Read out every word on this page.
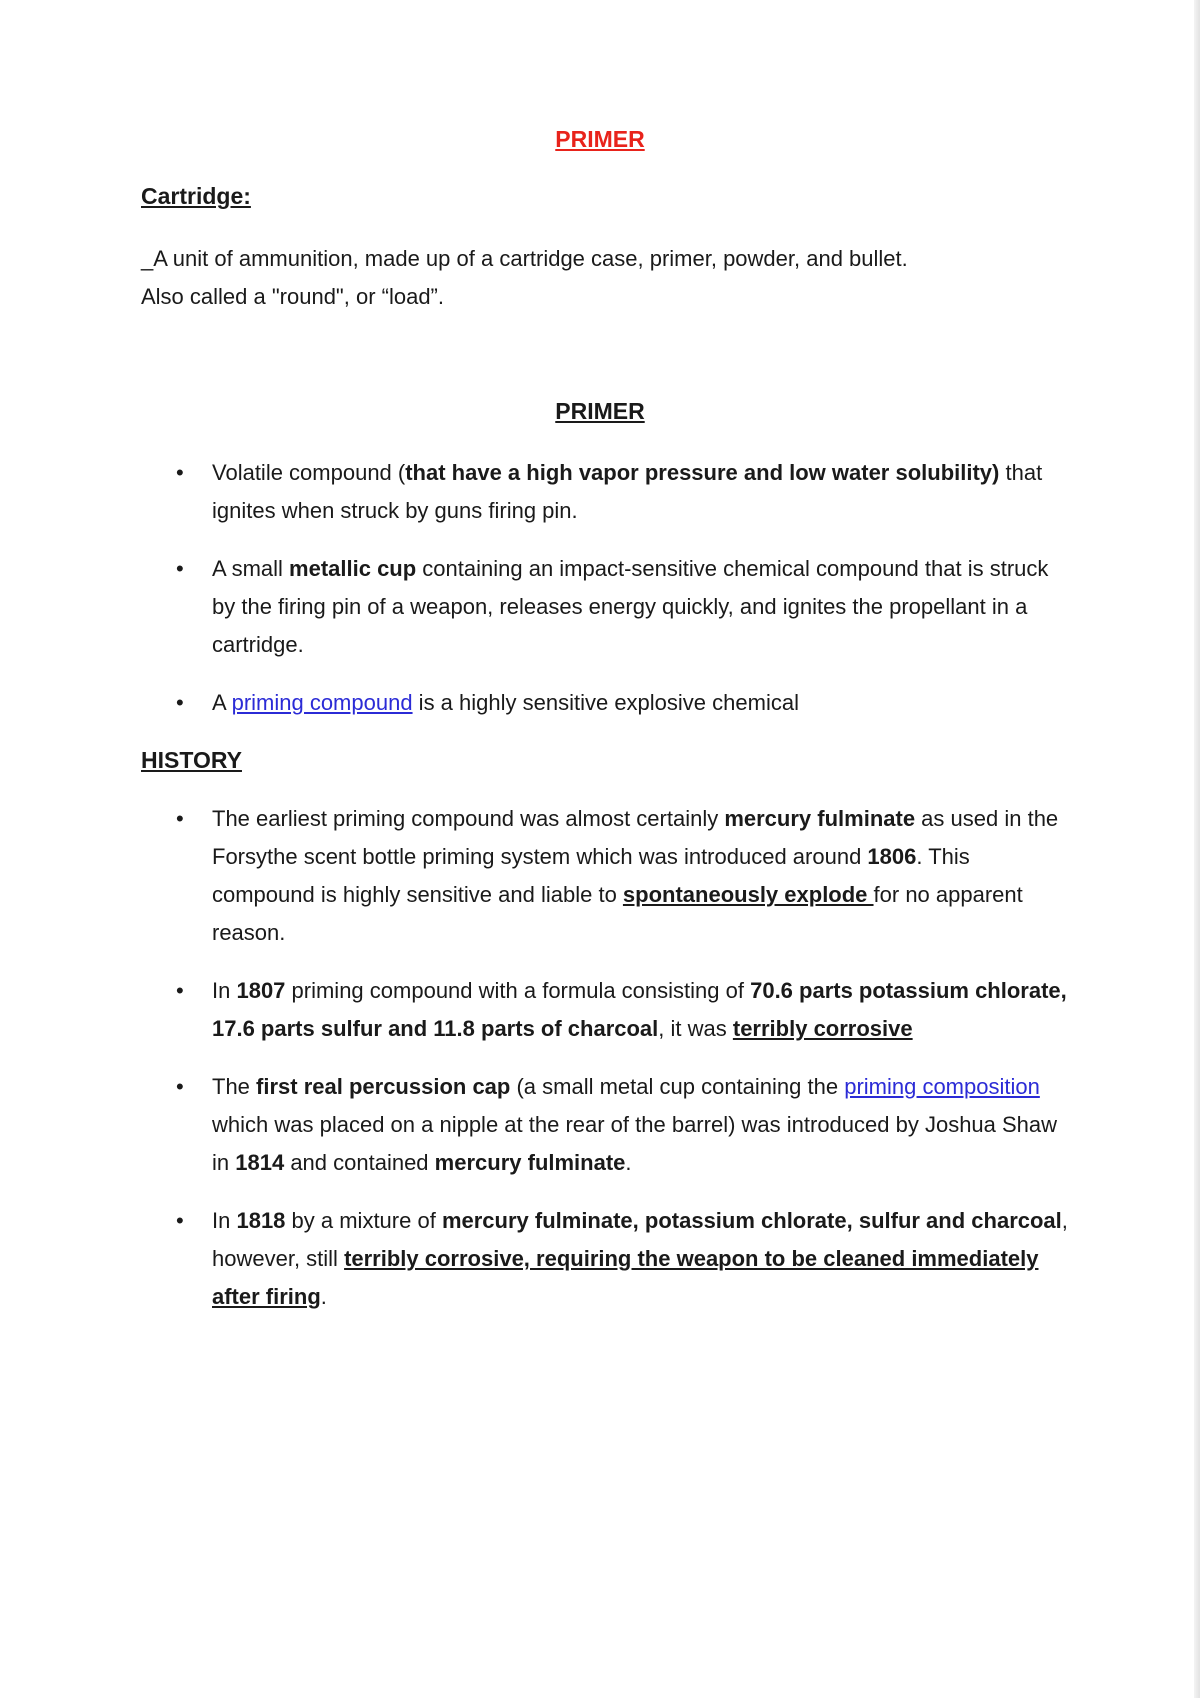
PRIMER
Cartridge:

_A unit of ammunition, made up of a cartridge case, primer, powder, and bullet.
Also called a "round", or “load”.

PRIMER
• Volatile compound (that have a high vapor pressure and low water solubility) that ignites when struck by guns firing pin.
• A small metallic cup containing an impact-sensitive chemical compound that is struck by the firing pin of a weapon, releases energy quickly, and ignites the propellant in a cartridge.
• A priming compound is a highly sensitive explosive chemical
HISTORY
• The earliest priming compound was almost certainly mercury fulminate as used in the Forsythe scent bottle priming system which was introduced around 1806. This compound is highly sensitive and liable to spontaneously explode for no apparent reason.
• In 1807 priming compound with a formula consisting of 70.6 parts potassium chlorate, 17.6 parts sulfur and 11.8 parts of charcoal, it was terribly corrosive
• The first real percussion cap (a small metal cup containing the priming composition which was placed on a nipple at the rear of the barrel) was introduced by Joshua Shaw in 1814 and contained mercury fulminate.
• In 1818 by a mixture of mercury fulminate, potassium chlorate, sulfur and charcoal, however, still terribly corrosive, requiring the weapon to be cleaned immediately after firing.
